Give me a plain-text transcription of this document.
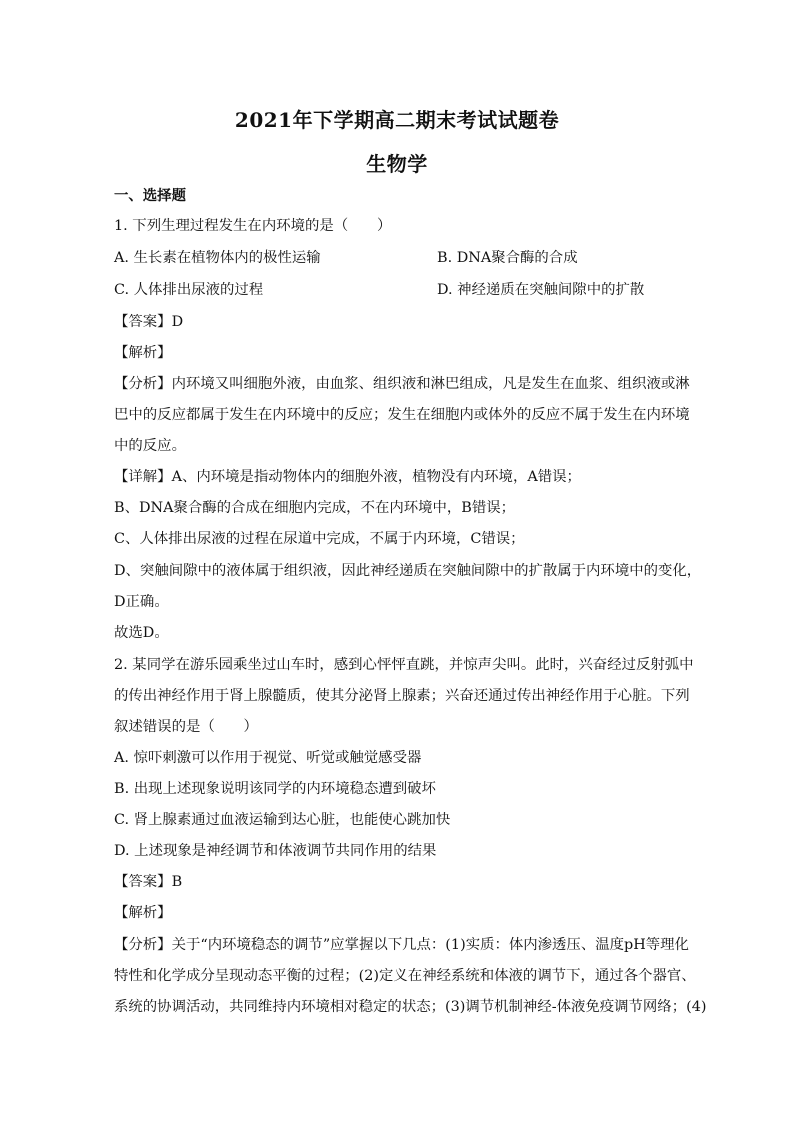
2021年下学期高二期末考试试题卷
生物学
一、选择题
1. 下列生理过程发生在内环境的是（　　）
A. 生长素在植物体内的极性运输	B. DNA聚合酶的合成
C. 人体排出尿液的过程	D. 神经递质在突触间隙中的扩散
【答案】D
【解析】
【分析】内环境又叫细胞外液，由血浆、组织液和淋巴组成，凡是发生在血浆、组织液或淋
巴中的反应都属于发生在内环境中的反应；发生在细胞内或体外的反应不属于发生在内环境
中的反应。
【详解】A、内环境是指动物体内的细胞外液，植物没有内环境，A错误；
B、DNA聚合酶的合成在细胞内完成，不在内环境中，B错误；
C、人体排出尿液的过程在尿道中完成，不属于内环境，C错误；
D、突触间隙中的液体属于组织液，因此神经递质在突触间隙中的扩散属于内环境中的变化，
D正确。
故选D。
2. 某同学在游乐园乘坐过山车时，感到心怦怦直跳，并惊声尖叫。此时，兴奋经过反射弧中
的传出神经作用于肾上腺髓质，使其分泌肾上腺素；兴奋还通过传出神经作用于心脏。下列
叙述错误的是（　　）
A. 惊吓刺激可以作用于视觉、听觉或触觉感受器
B. 出现上述现象说明该同学的内环境稳态遭到破坏
C. 肾上腺素通过血液运输到达心脏，也能使心跳加快
D. 上述现象是神经调节和体液调节共同作用的结果
【答案】B
【解析】
【分析】关于“内环境稳态的调节”应掌握以下几点：(1)实质：体内渗透压、温度pH等理化
特性和化学成分呈现动态平衡的过程；(2)定义在神经系统和体液的调节下，通过各个器官、
系统的协调活动，共同维持内环境相对稳定的状态；(3)调节机制神经-体液免疫调节网络；(4)
